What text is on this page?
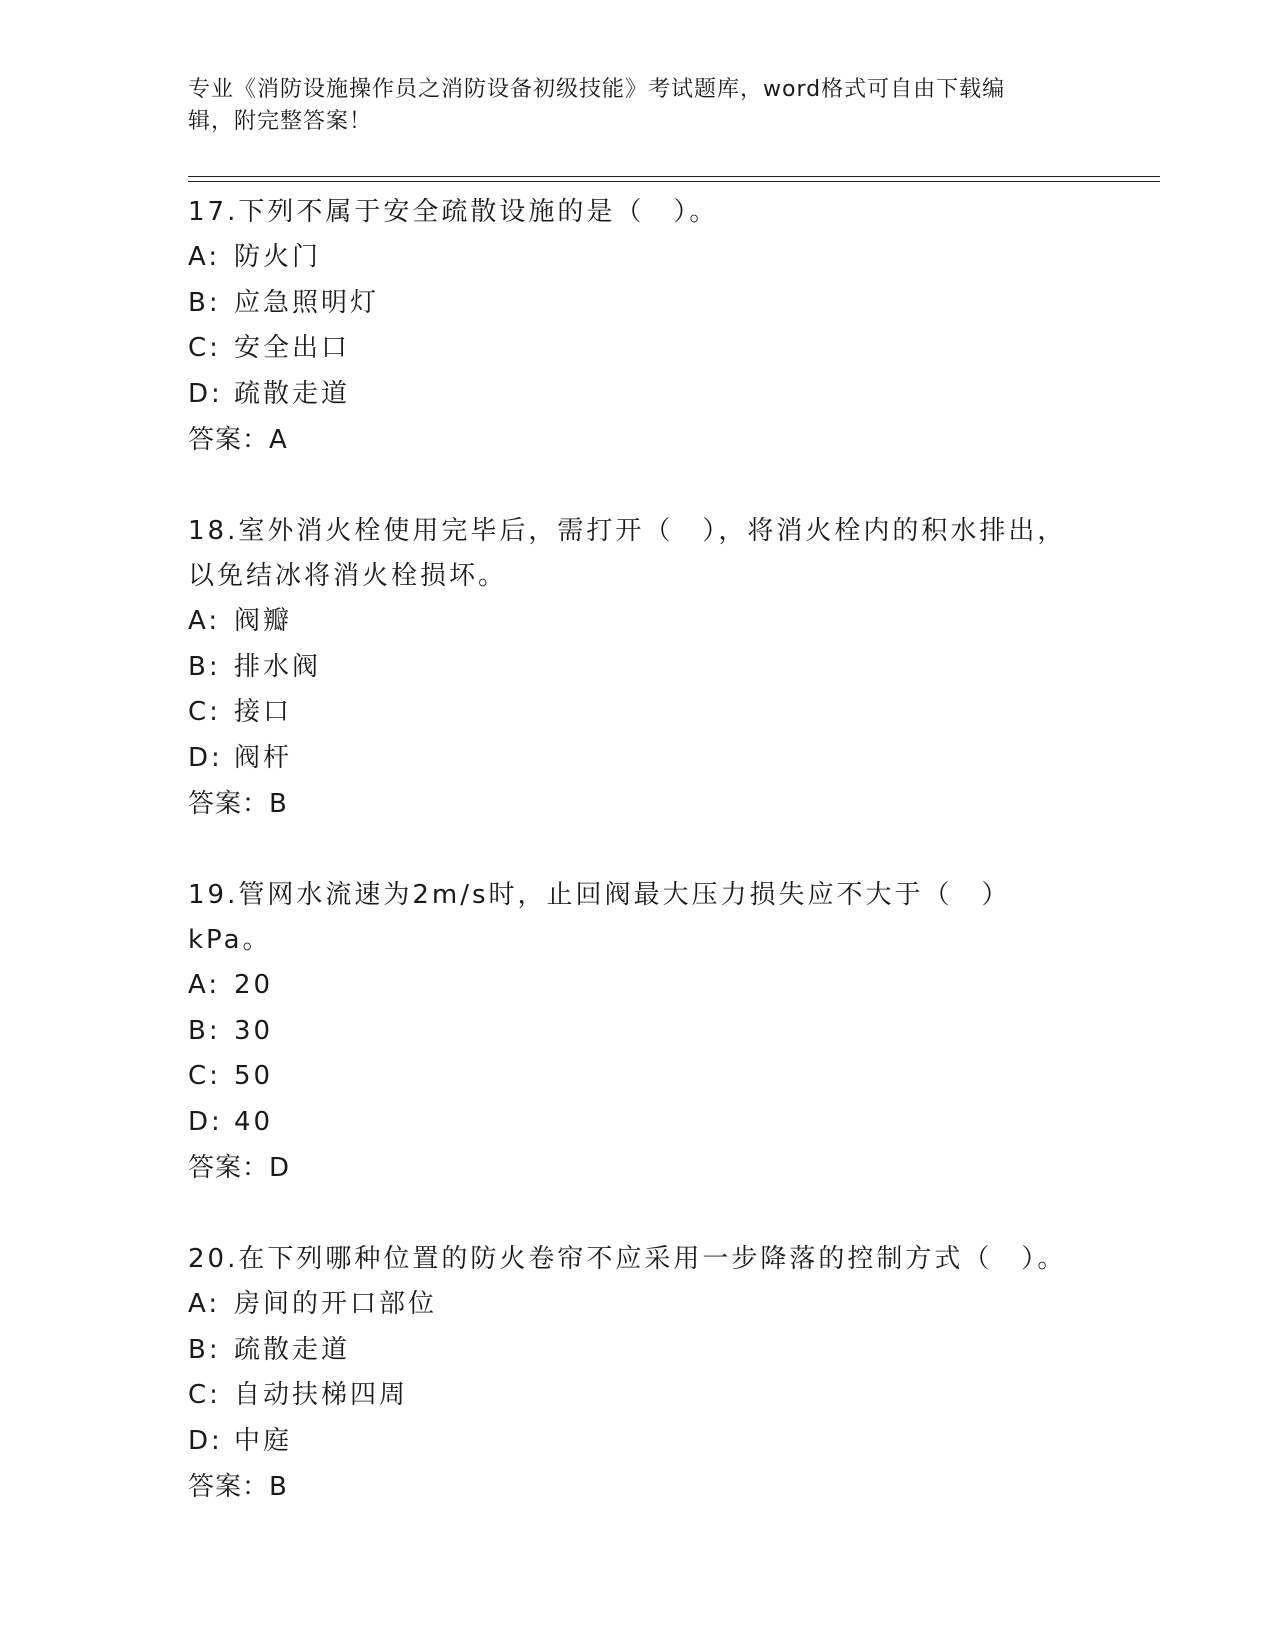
专业《消防设施操作员之消防设备初级技能》考试题库，word格式可自由下载编
辑，附完整答案！
17.下列不属于安全疏散设施的是（　）。
A: 防火门
B: 应急照明灯
C: 安全出口
D: 疏散走道
答案：A
18.室外消火栓使用完毕后，需打开（　），将消火栓内的积水排出，
以免结冰将消火栓损坏。
A: 阀瓣
B: 排水阀
C: 接口
D: 阀杆
答案：B
19.管网水流速为2m/s时，止回阀最大压力损失应不大于（　）kPa。
A: 20
B: 30
C: 50
D: 40
答案：D
20.在下列哪种位置的防火卷帘不应采用一步降落的控制方式（　）。
A: 房间的开口部位
B: 疏散走道
C: 自动扶梯四周
D: 中庭
答案：B
